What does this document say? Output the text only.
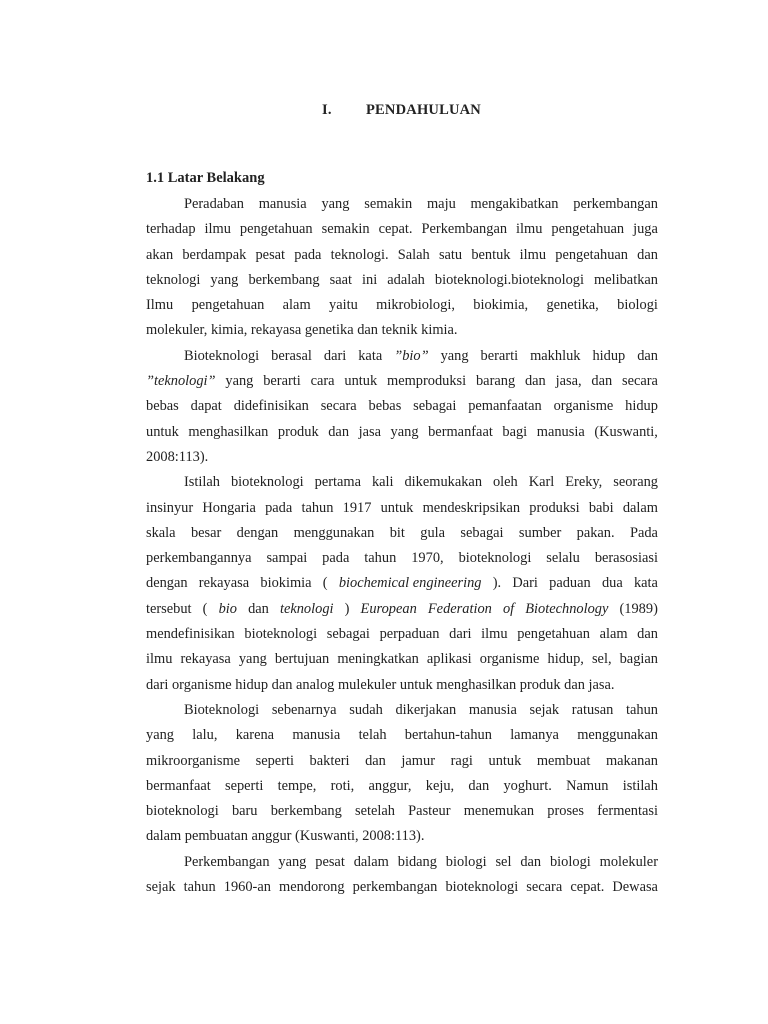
I. PENDAHULUAN
1.1 Latar Belakang
Peradaban manusia yang semakin maju mengakibatkan perkembangan
terhadap ilmu pengetahuan semakin cepat. Perkembangan ilmu pengetahuan juga
akan berdampak pesat pada teknologi. Salah satu bentuk ilmu pengetahuan dan
teknologi yang berkembang saat ini adalah bioteknologi.bioteknologi melibatkan
Ilmu pengetahuan alam yaitu mikrobiologi, biokimia, genetika, biologi
molekuler, kimia, rekayasa genetika dan teknik kimia.
Bioteknologi berasal dari kata ”bio” yang berarti makhluk hidup dan
”teknologi” yang berarti cara untuk memproduksi barang dan jasa, dan secara
bebas dapat didefinisikan secara bebas sebagai pemanfaatan organisme hidup
untuk menghasilkan produk dan jasa yang bermanfaat bagi manusia (Kuswanti,
2008:113).
Istilah bioteknologi pertama kali dikemukakan oleh Karl Ereky, seorang
insinyur Hongaria pada tahun 1917 untuk mendeskripsikan produksi babi dalam
skala besar dengan menggunakan bit gula sebagai sumber pakan. Pada
perkembangannya sampai pada tahun 1970, bioteknologi selalu berasosiasi
dengan rekayasa biokimia ( biochemical engineering ). Dari paduan dua kata
tersebut ( bio dan teknologi ) European Federation of Biotechnology (1989)
mendefinisikan bioteknologi sebagai perpaduan dari ilmu pengetahuan alam dan
ilmu rekayasa yang bertujuan meningkatkan aplikasi organisme hidup, sel, bagian
dari organisme hidup dan analog mulekuler untuk menghasilkan produk dan jasa.
Bioteknologi sebenarnya sudah dikerjakan manusia sejak ratusan tahun
yang lalu, karena manusia telah bertahun-tahun lamanya menggunakan
mikroorganisme seperti bakteri dan jamur ragi untuk membuat makanan
bermanfaat seperti tempe, roti, anggur, keju, dan yoghurt. Namun istilah
bioteknologi baru berkembang setelah Pasteur menemukan proses fermentasi
dalam pembuatan anggur (Kuswanti, 2008:113).
Perkembangan yang pesat dalam bidang biologi sel dan biologi molekuler
sejak tahun 1960-an mendorong perkembangan bioteknologi secara cepat. Dewasa
